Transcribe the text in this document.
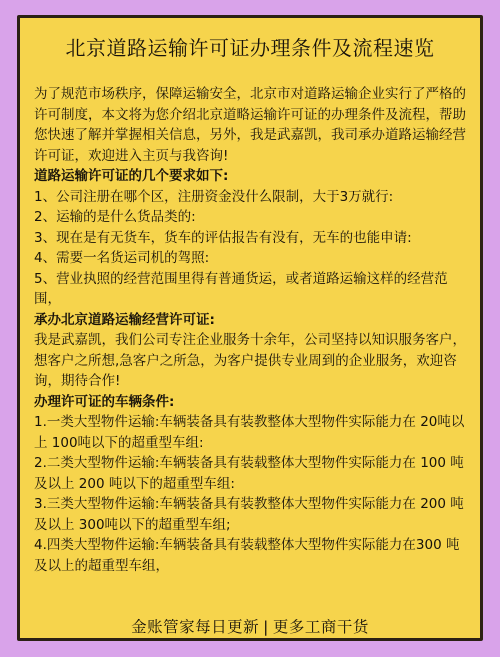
北京道路运输许可证办理条件及流程速览

为了规范市场秩序，保障运输安全，北京市对道路运输企业实行了严格的许可制度，本文将为您介绍北京道略运输许可证的办理条件及流程，帮助您快速了解并掌握相关信息，另外，我是武嘉凯，我司承办道路运输经营许可证，欢迎进入主页与我咨询!

道路运输许可证的几个要求如下:

1、公司注册在哪个区，注册资金没什么限制，大于3万就行:

2、运输的是什么货品类的:

3、现在是有无货车，货车的评估报告有没有，无车的也能申请:

4、需要一名货运司机的驾照:

5、营业执照的经营范围里得有普通货运，或者道路运输这样的经营范围，

承办北京道路运输经营许可证:

我是武嘉凯，我们公司专注企业服务十余年，公司坚持以知识服务客户，想客户之所想,急客户之所急，为客户提供专业周到的企业服务，欢迎咨询，期待合作!

办理许可证的车辆条件:

1.一类大型物件运输:车辆装备具有装教整体大型物件实际能力在 20吨以上 100吨以下的超重型车组:

2.二类大型物件运输:车辆装备具有装载整体大型物件实际能力在 100 吨及以上 200 吨以下的超重型车组:

3.三类大型物件运输:车辆装备具有装教整体大型物件实际能力在 200 吨及以上 300吨以下的超重型车组;

4.四类大型物件运输:车辆装备具有装载整体大型物件实际能力在300 吨及以上的超重型车组，

金账管家每日更新 | 更多工商干货
